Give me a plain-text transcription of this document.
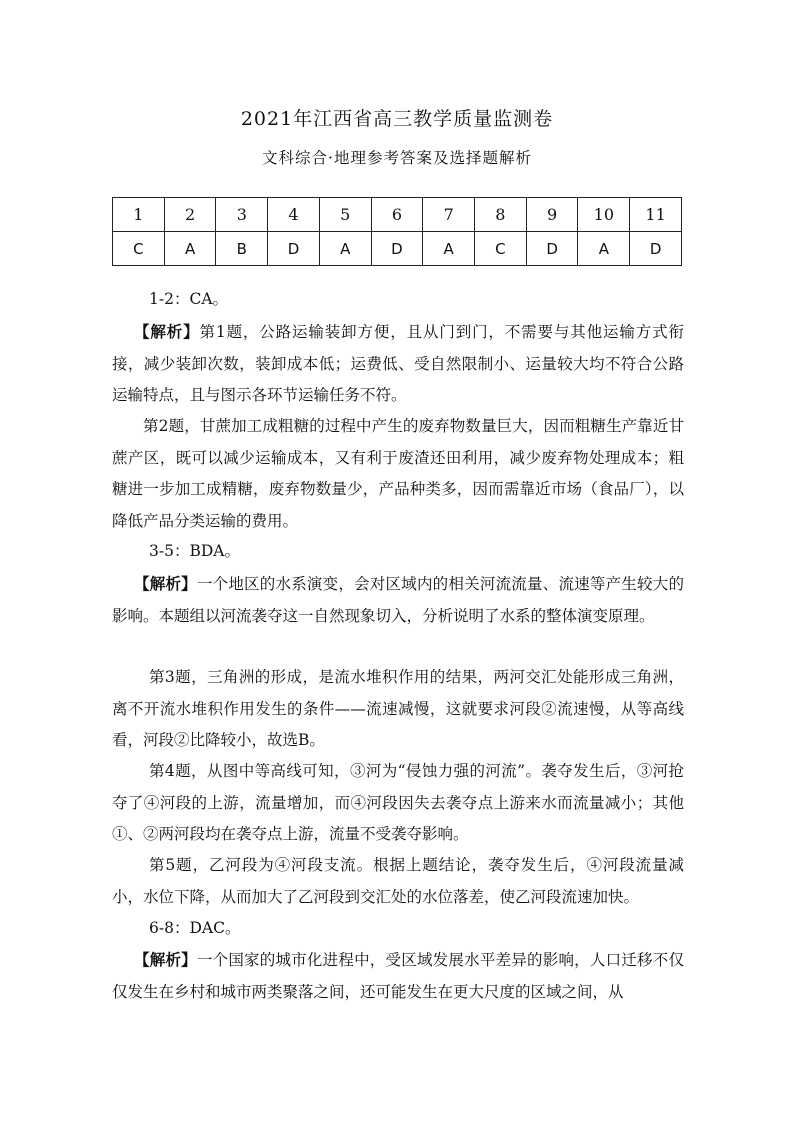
2021年江西省高三教学质量监测卷
文科综合·地理参考答案及选择题解析
1	2	3	4	5	6	7	8	9	10	11
C	A	B	D	A	D	A	C	D	A	D

1-2：CA。

【解析】第1题，公路运输装卸方便，且从门到门，不需要与其他运输方式衔接，减少装卸次数，装卸成本低；运费低、受自然限制小、运量较大均不符合公路运输特点，且与图示各环节运输任务不符。

第2题，甘蔗加工成粗糖的过程中产生的废弃物数量巨大，因而粗糖生产靠近甘蔗产区，既可以减少运输成本，又有利于废渣还田利用，减少废弃物处理成本；粗糖进一步加工成精糖，废弃物数量少，产品种类多，因而需靠近市场（食品厂），以降低产品分类运输的费用。

3-5：BDA。

【解析】一个地区的水系演变，会对区域内的相关河流流量、流速等产生较大的影响。本题组以河流袭夺这一自然现象切入，分析说明了水系的整体演变原理。

第3题，三角洲的形成，是流水堆积作用的结果，两河交汇处能形成三角洲，离不开流水堆积作用发生的条件——流速减慢，这就要求河段②流速慢，从等高线看，河段②比降较小，故选B。

第4题，从图中等高线可知，③河为“侵蚀力强的河流”。袭夺发生后，③河抢夺了④河段的上游，流量增加，而④河段因失去袭夺点上游来水而流量减小；其他①、②两河段均在袭夺点上游，流量不受袭夺影响。

第5题，乙河段为④河段支流。根据上题结论，袭夺发生后，④河段流量减小，水位下降，从而加大了乙河段到交汇处的水位落差，使乙河段流速加快。

6-8：DAC。

【解析】一个国家的城市化进程中，受区域发展水平差异的影响，人口迁移不仅仅发生在乡村和城市两类聚落之间，还可能发生在更大尺度的区域之间，从
